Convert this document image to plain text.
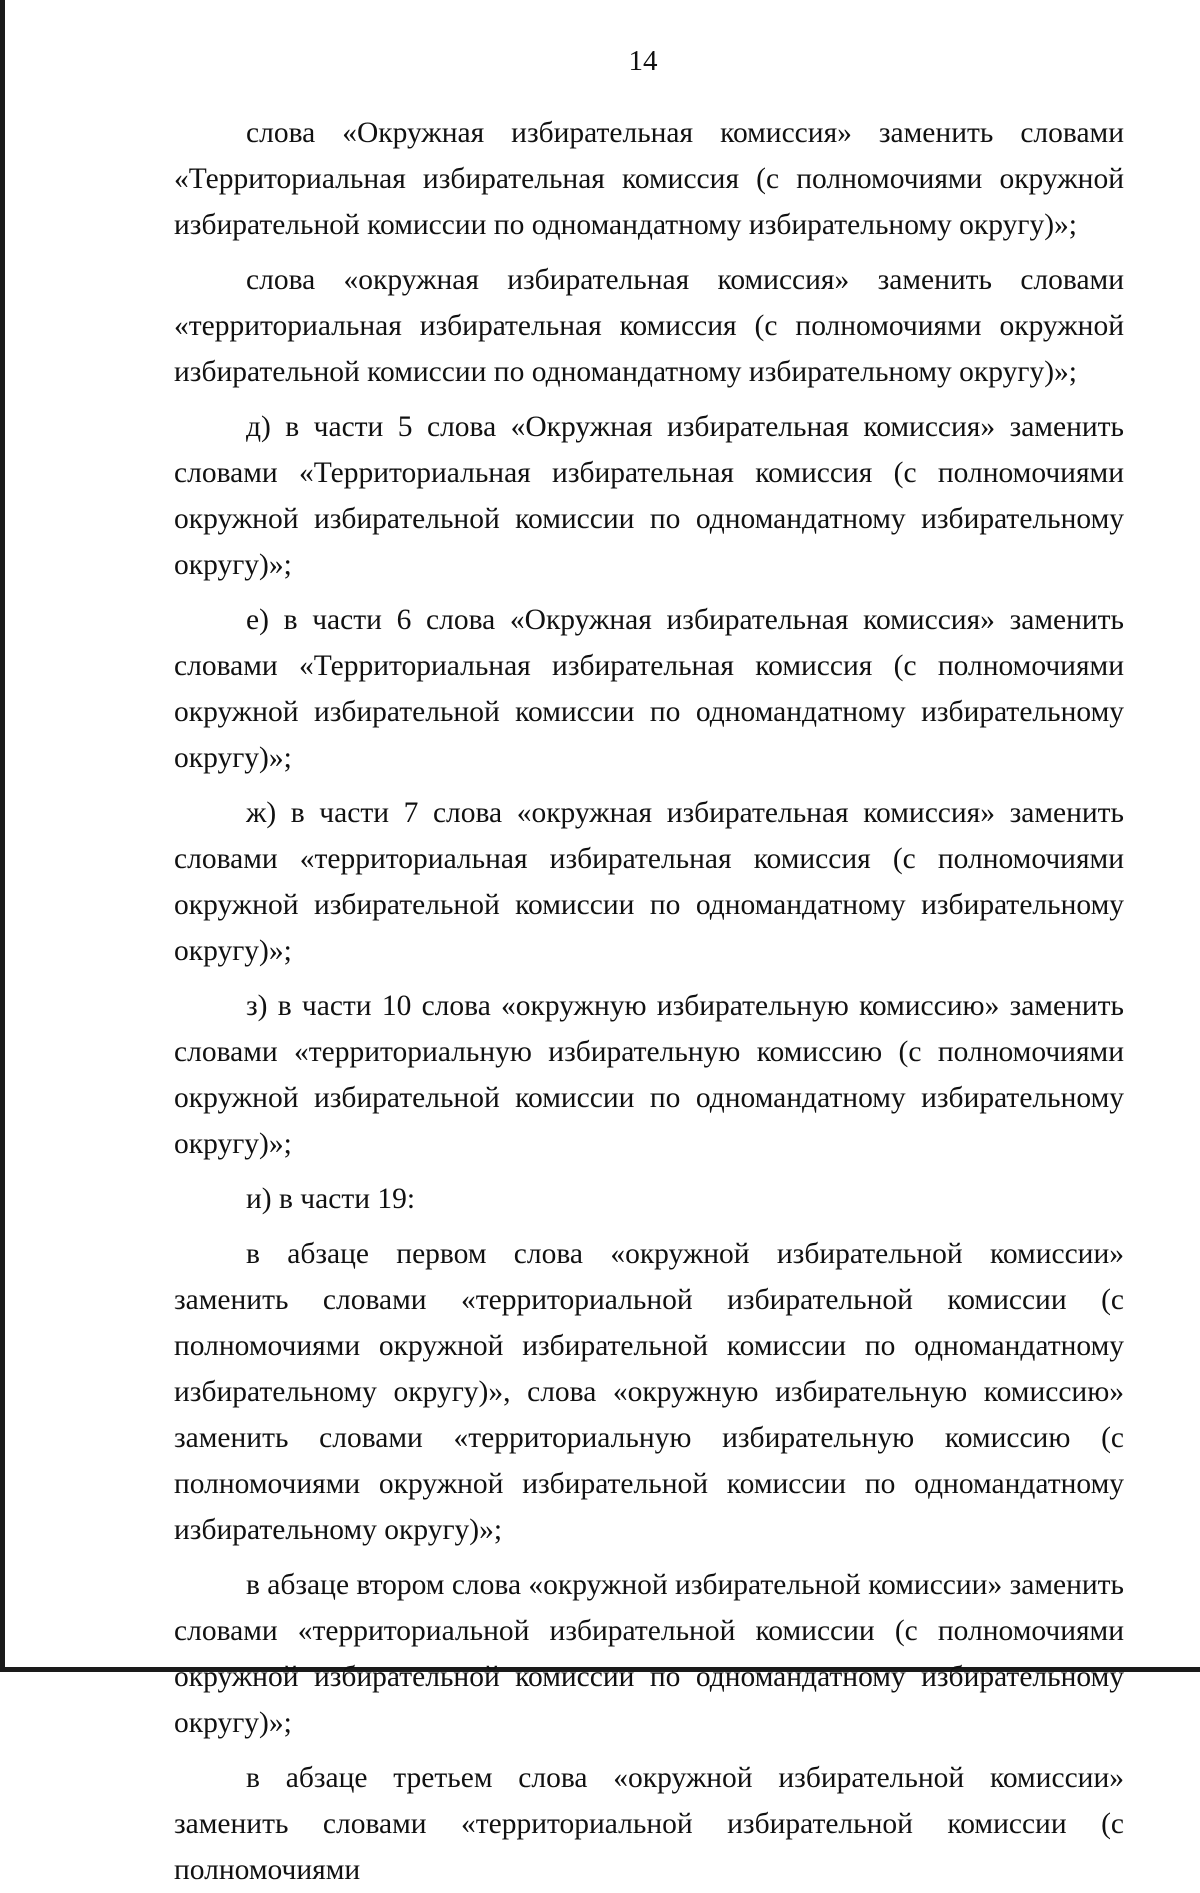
14

слова «Окружная избирательная комиссия» заменить словами «Территориальная избирательная комиссия (с полномочиями окружной избирательной комиссии по одномандатному избирательному округу)»;

слова «окружная избирательная комиссия» заменить словами «территориальная избирательная комиссия (с полномочиями окружной избирательной комиссии по одномандатному избирательному округу)»;

д) в части 5 слова «Окружная избирательная комиссия» заменить словами «Территориальная избирательная комиссия (с полномочиями окружной избирательной комиссии по одномандатному избирательному округу)»;

е) в части 6 слова «Окружная избирательная комиссия» заменить словами «Территориальная избирательная комиссия (с полномочиями окружной избирательной комиссии по одномандатному избирательному округу)»;

ж) в части 7 слова «окружная избирательная комиссия» заменить словами «территориальная избирательная комиссия (с полномочиями окружной избирательной комиссии по одномандатному избирательному округу)»;

з) в части 10 слова «окружную избирательную комиссию» заменить словами «территориальную избирательную комиссию (с полномочиями окружной избирательной комиссии по одномандатному избирательному округу)»;

и) в части 19:

в абзаце первом слова «окружной избирательной комиссии» заменить словами «территориальной избирательной комиссии (с полномочиями окружной избирательной комиссии по одномандатному избирательному округу)», слова «окружную избирательную комиссию» заменить словами «территориальную избирательную комиссию (с полномочиями окружной избирательной комиссии по одномандатному избирательному округу)»;

в абзаце втором слова «окружной избирательной комиссии» заменить словами «территориальной избирательной комиссии (с полномочиями окружной избирательной комиссии по одномандатному избирательному округу)»;

в абзаце третьем слова «окружной избирательной комиссии» заменить словами «территориальной избирательной комиссии (с полномочиями
